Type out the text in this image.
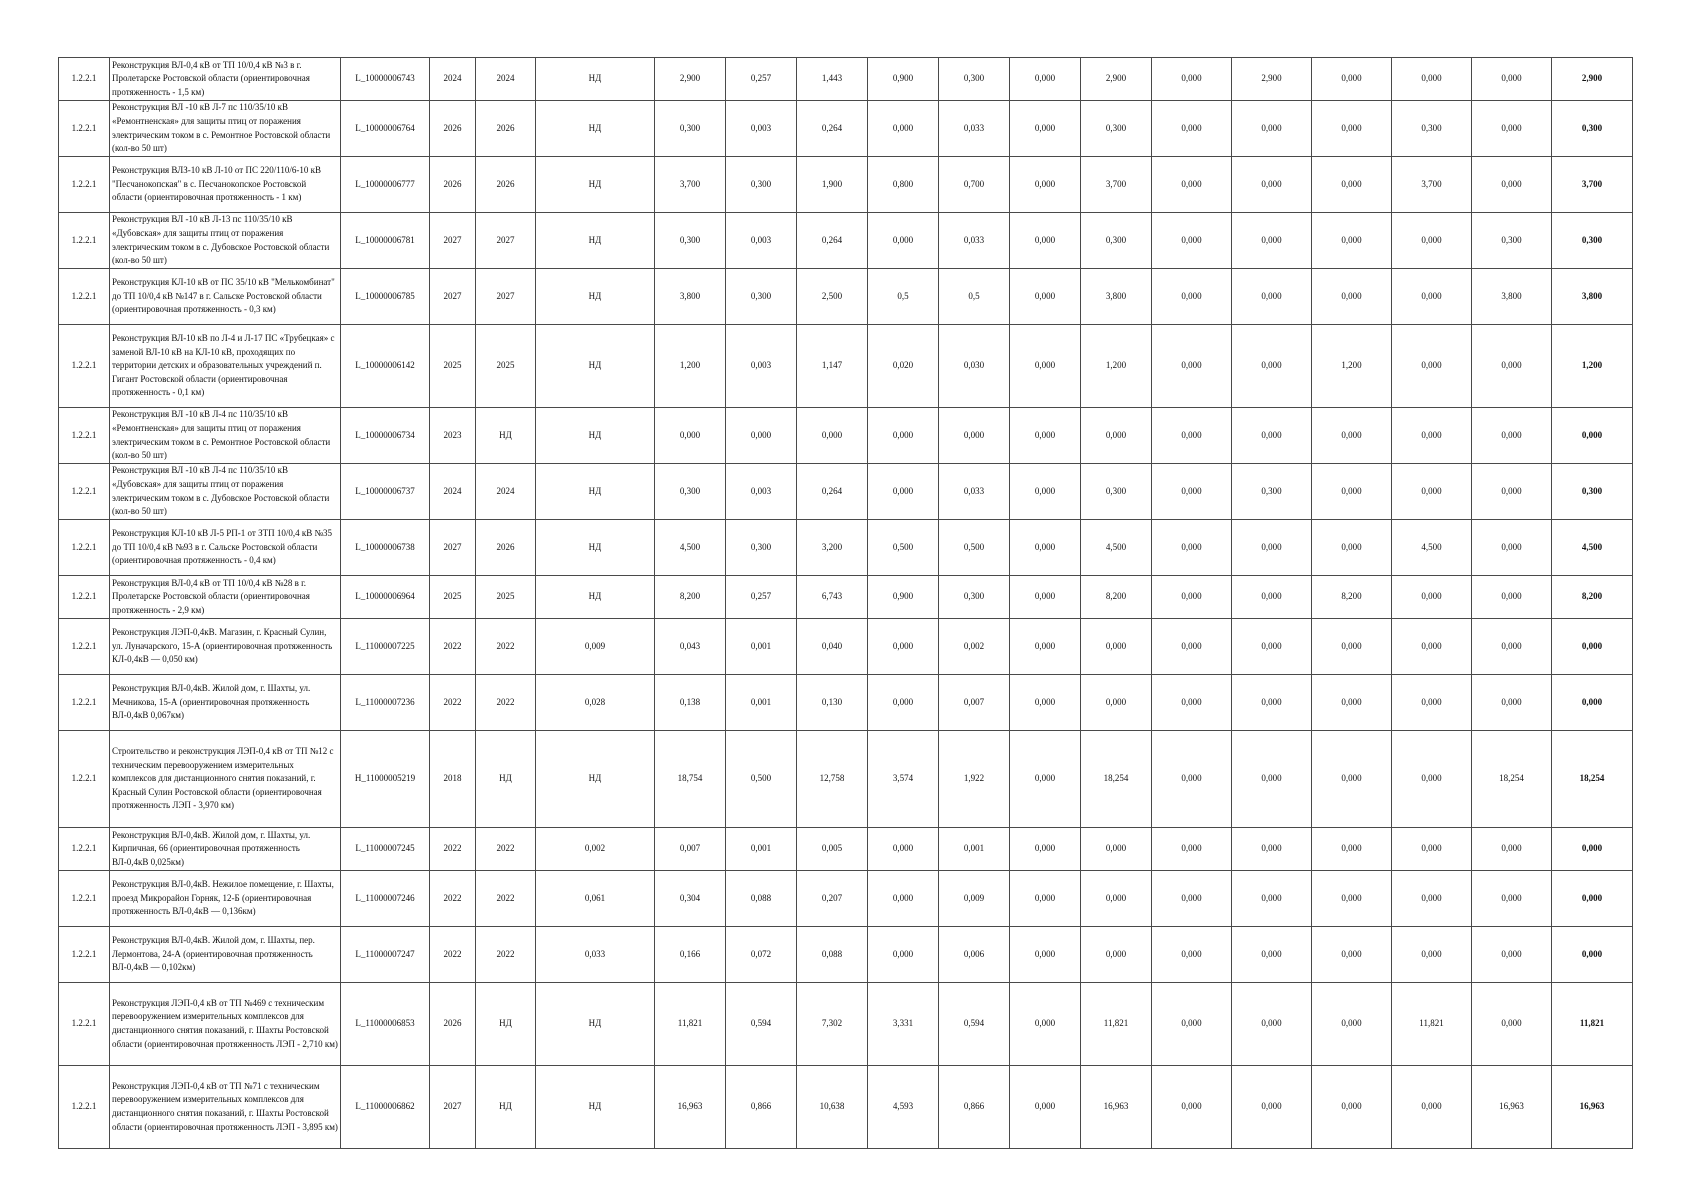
1.2.2.1	Реконструкция ВЛ-0,4 кВ от ТП 10/0,4 кВ №3 в г. Пролетарске Ростовской области (ориентировочная протяженность - 1,5 км)	L_10000006743	2024	2024	НД	2,900	0,257	1,443	0,900	0,300	0,000	2,900	0,000	2,900	0,000	0,000	0,000	2,900
1.2.2.1	Реконструкция ВЛ -10 кВ Л-7 пс 110/35/10 кВ «Ремонтненская» для защиты птиц от поражения электрическим током в с. Ремонтное Ростовской области (кол-во 50 шт)	L_10000006764	2026	2026	НД	0,300	0,003	0,264	0,000	0,033	0,000	0,300	0,000	0,000	0,000	0,300	0,000	0,300
1.2.2.1	Реконструкция ВЛЗ-10 кВ Л-10 от ПС 220/110/6-10 кВ "Песчанокопская" в с. Песчанокопское Ростовской области (ориентировочная протяженность - 1 км)	L_10000006777	2026	2026	НД	3,700	0,300	1,900	0,800	0,700	0,000	3,700	0,000	0,000	0,000	3,700	0,000	3,700
1.2.2.1	Реконструкция ВЛ -10 кВ Л-13 пс 110/35/10 кВ «Дубовская» для защиты птиц от поражения электрическим током в с. Дубовское Ростовской области (кол-во 50 шт)	L_10000006781	2027	2027	НД	0,300	0,003	0,264	0,000	0,033	0,000	0,300	0,000	0,000	0,000	0,000	0,300	0,300
1.2.2.1	Реконструкция КЛ-10 кВ от ПС 35/10 кВ "Мелькомбинат" до ТП 10/0,4 кВ №147 в г. Сальске Ростовской области (ориентировочная протяженность - 0,3 км)	L_10000006785	2027	2027	НД	3,800	0,300	2,500	0,5	0,5	0,000	3,800	0,000	0,000	0,000	0,000	3,800	3,800
1.2.2.1	Реконструкция ВЛ-10 кВ по Л-4 и Л-17 ПС «Трубецкая» с заменой ВЛ-10 кВ на КЛ-10 кВ, проходящих по территории детских и образовательных учреждений п. Гигант Ростовской области (ориентировочная протяженность - 0,1 км)	L_10000006142	2025	2025	НД	1,200	0,003	1,147	0,020	0,030	0,000	1,200	0,000	0,000	1,200	0,000	0,000	1,200
1.2.2.1	Реконструкция ВЛ -10 кВ Л-4 пс 110/35/10 кВ «Ремонтненская» для защиты птиц от поражения электрическим током в с. Ремонтное Ростовской области (кол-во 50 шт)	L_10000006734	2023	НД	НД	0,000	0,000	0,000	0,000	0,000	0,000	0,000	0,000	0,000	0,000	0,000	0,000	0,000
1.2.2.1	Реконструкция ВЛ -10 кВ Л-4 пс 110/35/10 кВ «Дубовская» для защиты птиц от поражения электрическим током в с. Дубовское Ростовской области (кол-во 50 шт)	L_10000006737	2024	2024	НД	0,300	0,003	0,264	0,000	0,033	0,000	0,300	0,000	0,300	0,000	0,000	0,000	0,300
1.2.2.1	Реконструкция КЛ-10 кВ Л-5 РП-1 от ЗТП 10/0,4 кВ №35 до ТП 10/0,4 кВ №93 в г. Сальске Ростовской области (ориентировочная протяженность - 0,4 км)	L_10000006738	2027	2026	НД	4,500	0,300	3,200	0,500	0,500	0,000	4,500	0,000	0,000	0,000	4,500	0,000	4,500
1.2.2.1	Реконструкция ВЛ-0,4 кВ от ТП 10/0,4 кВ №28 в г. Пролетарске Ростовской области (ориентировочная протяженность - 2,9 км)	L_10000006964	2025	2025	НД	8,200	0,257	6,743	0,900	0,300	0,000	8,200	0,000	0,000	8,200	0,000	0,000	8,200
1.2.2.1	Реконструкция ЛЭП-0,4кВ. Магазин, г. Красный Сулин, ул. Луначарского, 15-А (ориентировочная протяженность КЛ-0,4кВ — 0,050 км)	L_11000007225	2022	2022	0,009	0,043	0,001	0,040	0,000	0,002	0,000	0,000	0,000	0,000	0,000	0,000	0,000	0,000
1.2.2.1	Реконструкция ВЛ-0,4кВ. Жилой дом, г. Шахты, ул. Мечникова, 15-А (ориентировочная протяженность ВЛ-0,4кВ 0,067км)	L_11000007236	2022	2022	0,028	0,138	0,001	0,130	0,000	0,007	0,000	0,000	0,000	0,000	0,000	0,000	0,000	0,000
1.2.2.1	Строительство и реконструкция ЛЭП-0,4 кВ от ТП №12 с техническим перевооружением измерительных комплексов для дистанционного снятия показаний, г. Красный Сулин Ростовской области (ориентировочная протяженность ЛЭП - 3,970 км)	H_11000005219	2018	НД	НД	18,754	0,500	12,758	3,574	1,922	0,000	18,254	0,000	0,000	0,000	0,000	18,254	18,254
1.2.2.1	Реконструкция ВЛ-0,4кВ. Жилой дом, г. Шахты, ул. Кирпичная, 66 (ориентировочная протяженность ВЛ-0,4кВ 0,025км)	L_11000007245	2022	2022	0,002	0,007	0,001	0,005	0,000	0,001	0,000	0,000	0,000	0,000	0,000	0,000	0,000	0,000
1.2.2.1	Реконструкция ВЛ-0,4кВ. Нежилое помещение, г. Шахты, проезд Микрорайон Горняк, 12-Б (ориентировочная протяженность ВЛ-0,4кВ — 0,136км)	L_11000007246	2022	2022	0,061	0,304	0,088	0,207	0,000	0,009	0,000	0,000	0,000	0,000	0,000	0,000	0,000	0,000
1.2.2.1	Реконструкция ВЛ-0,4кВ. Жилой дом, г. Шахты, пер. Лермонтова, 24-А (ориентировочная протяженность ВЛ-0,4кВ — 0,102км)	L_11000007247	2022	2022	0,033	0,166	0,072	0,088	0,000	0,006	0,000	0,000	0,000	0,000	0,000	0,000	0,000	0,000
1.2.2.1	Реконструкция ЛЭП-0,4 кВ от ТП №469 с техническим перевооружением измерительных комплексов для дистанционного снятия показаний, г. Шахты Ростовской области (ориентировочная протяженность ЛЭП - 2,710 км)	L_11000006853	2026	НД	НД	11,821	0,594	7,302	3,331	0,594	0,000	11,821	0,000	0,000	0,000	11,821	0,000	11,821
1.2.2.1	Реконструкция ЛЭП-0,4 кВ от ТП №71 с техническим перевооружением измерительных комплексов для дистанционного снятия показаний, г. Шахты Ростовской области (ориентировочная протяженность ЛЭП - 3,895 км)	L_11000006862	2027	НД	НД	16,963	0,866	10,638	4,593	0,866	0,000	16,963	0,000	0,000	0,000	0,000	16,963	16,963
